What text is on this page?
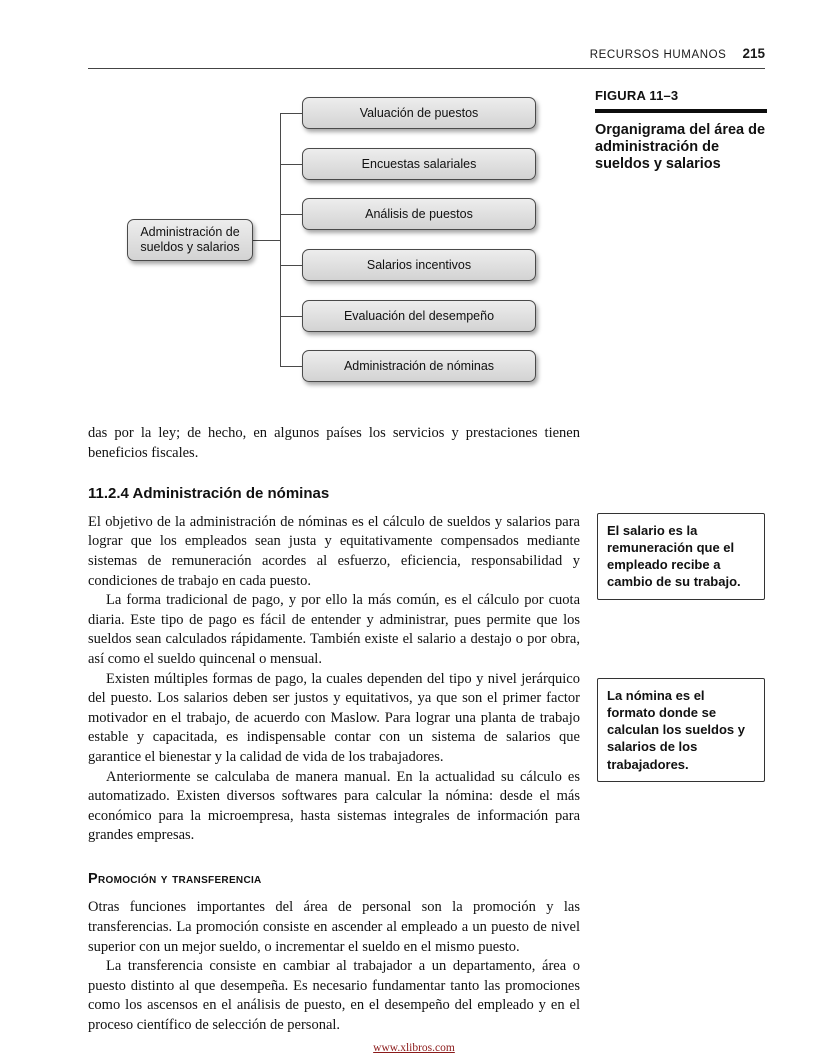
RECURSOS HUMANOS 215
Administración de sueldos y salarios
Valuación de puestos
Encuestas salariales
Análisis de puestos
Salarios incentivos
Evaluación del desempeño
Administración de nóminas
FIGURA 11–3
Organigrama del área de administración de sueldos y salarios

das por la ley; de hecho, en algunos países los servicios y prestaciones tienen beneficios fiscales.

11.2.4 Administración de nóminas

El objetivo de la administración de nóminas es el cálculo de sueldos y salarios para lograr que los empleados sean justa y equitativamente compensados mediante sistemas de remuneración acordes al esfuerzo, eficiencia, responsabilidad y condiciones de trabajo en cada puesto.

La forma tradicional de pago, y por ello la más común, es el cálculo por cuota diaria. Este tipo de pago es fácil de entender y administrar, pues permite que los sueldos sean calculados rápidamente. También existe el salario a destajo o por obra, así como el sueldo quincenal o mensual.

Existen múltiples formas de pago, la cuales dependen del tipo y nivel jerárquico del puesto. Los salarios deben ser justos y equitativos, ya que son el primer factor motivador en el trabajo, de acuerdo con Maslow. Para lograr una planta de trabajo estable y capacitada, es indispensable contar con un sistema de salarios que garantice el bienestar y la calidad de vida de los trabajadores.

Anteriormente se calculaba de manera manual. En la actualidad su cálculo es automatizado. Existen diversos softwares para calcular la nómina: desde el más económico para la microempresa, hasta sistemas integrales de información para grandes empresas.

Promoción y transferencia

Otras funciones importantes del área de personal son la promoción y las transferencias. La promoción consiste en ascender al empleado a un puesto de nivel superior con un mejor sueldo, o incrementar el sueldo en el mismo puesto.

La transferencia consiste en cambiar al trabajador a un departamento, área o puesto distinto al que desempeña. Es necesario fundamentar tanto las promociones como los ascensos en el análisis de puesto, en el desempeño del empleado y en el proceso científico de selección de personal.

El salario es la remuneración que el empleado recibe a cambio de su trabajo.
La nómina es el formato donde se calculan los sueldos y salarios de los trabajadores.
www.xlibros.com
